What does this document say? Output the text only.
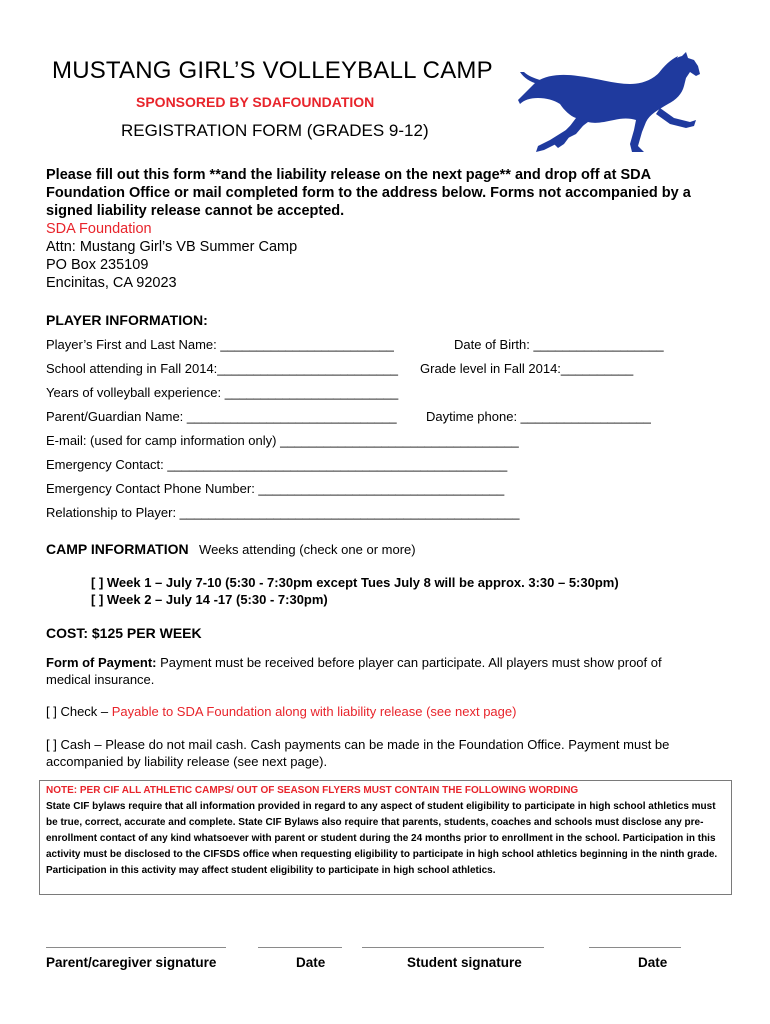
MUSTANG GIRL’S VOLLEYBALL CAMP
SPONSORED BY SDAFOUNDATION
REGISTRATION FORM (GRADES 9-12)
Please fill out this form **and the liability release on the next page** and drop off at SDA
Foundation Office or mail completed form to the address below. Forms not accompanied by a
signed liability release cannot be accepted.
SDA Foundation
Attn: Mustang Girl’s VB Summer Camp
PO Box 235109
Encinitas, CA 92023
PLAYER INFORMATION:
Player’s First and Last Name: ________________________	Date of Birth: __________________
School attending in Fall 2014:_________________________ Grade level in Fall 2014:__________
Years of volleyball experience: ________________________
Parent/Guardian Name: _____________________________ Daytime phone: __________________
E-mail: (used for camp information only) _________________________________
Emergency Contact: _______________________________________________
Emergency Contact Phone Number: __________________________________
Relationship to Player: _______________________________________________
CAMP INFORMATION Weeks attending (check one or more)
[ ] Week 1 – July 7-10 (5:30 - 7:30pm except Tues July 8 will be approx. 3:30 – 5:30pm)
[ ] Week 2 – July 14 -17 (5:30 - 7:30pm)
COST: $125 PER WEEK
Form of Payment: Payment must be received before player can participate. All players must show proof of
medical insurance.
[ ] Check – Payable to SDA Foundation along with liability release (see next page)
[ ] Cash – Please do not mail cash. Cash payments can be made in the Foundation Office. Payment must be
accompanied by liability release (see next page).
NOTE: PER CIF ALL ATHLETIC CAMPS/ OUT OF SEASON FLYERS MUST CONTAIN THE FOLLOWING WORDING
State CIF bylaws require that all information provided in regard to any aspect of student eligibility to participate in high school athletics must be true, correct, accurate and complete. State CIF Bylaws also require that parents, students, coaches and schools must disclose any pre-enrollment contact of any kind whatsoever with parent or student during the 24 months prior to enrollment in the school. Participation in this activity must be disclosed to the CIFSDS office when requesting eligibility to participate in high school athletics beginning in the ninth grade. Participation in this activity may affect student eligibility to participate in high school athletics.
Parent/caregiver signature	Date	Student signature	Date
